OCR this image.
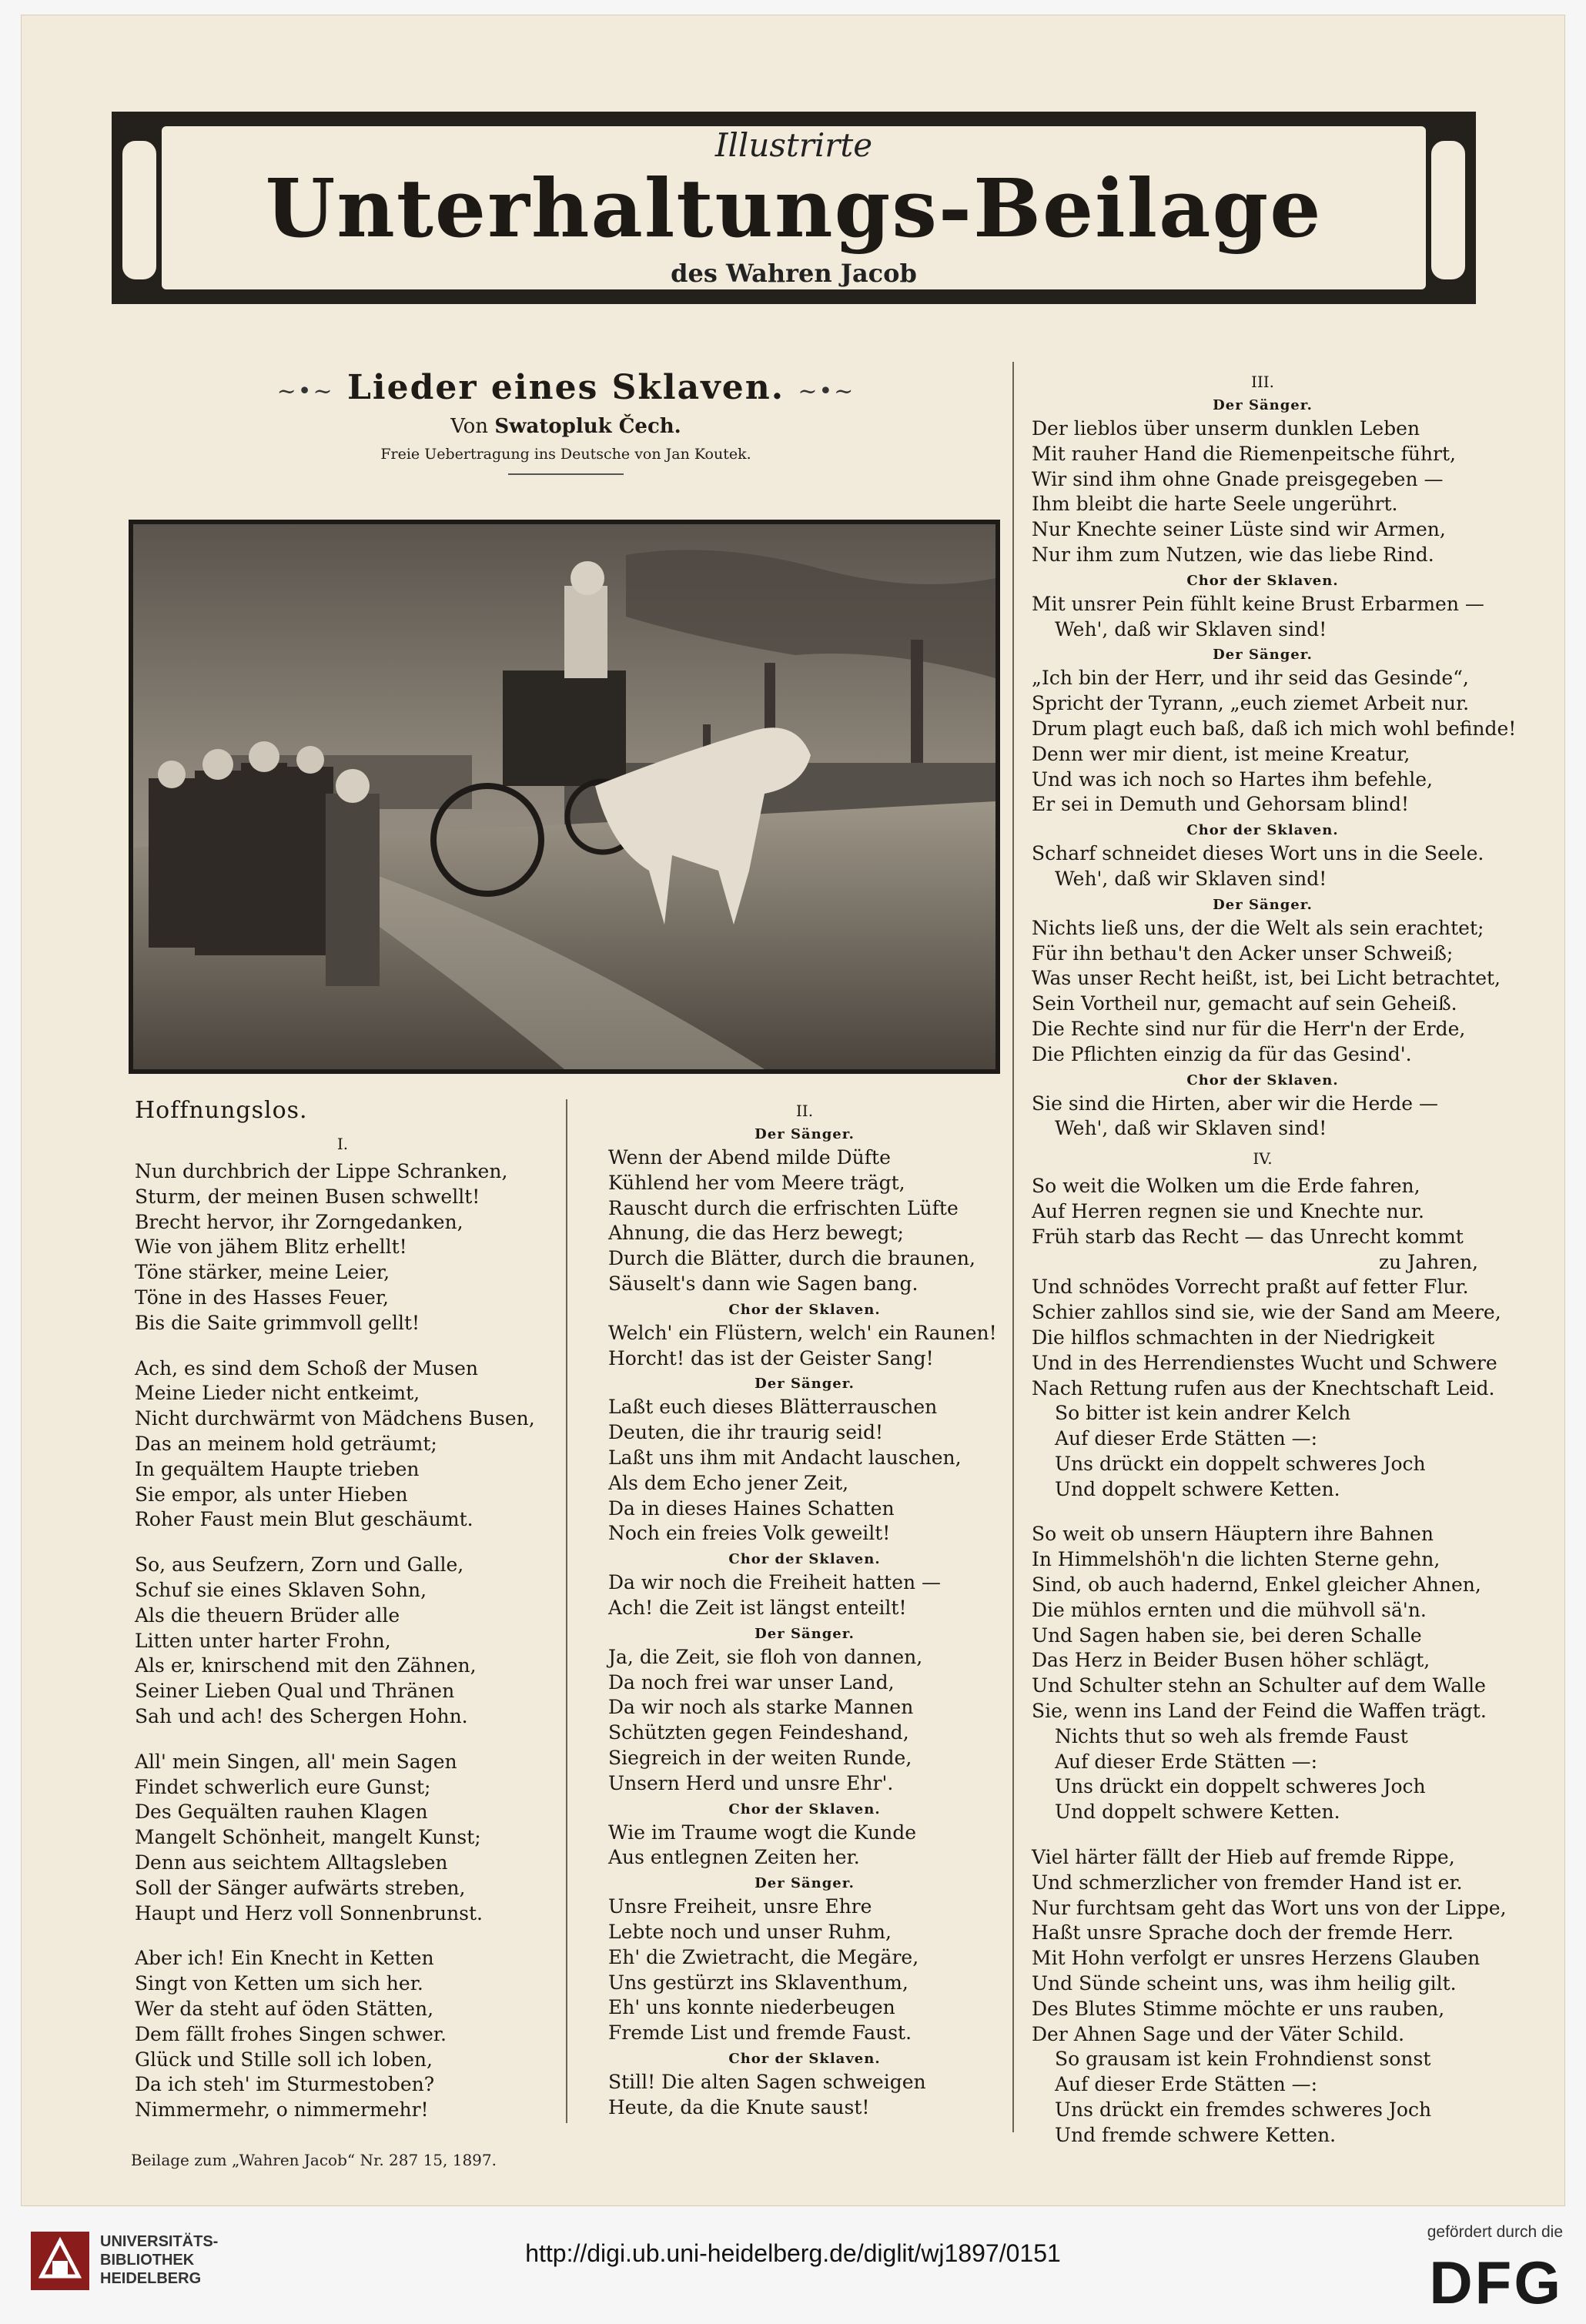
Illustrirte
Unterhaltungs-Beilage
des Wahren Jacob
~•~ Lieder eines Sklaven. ~•~
Von Swatopluk Čech.
Freie Uebertragung ins Deutsche von Jan Koutek.
Hoffnungslos.
I.
Nun durchbrich der Lippe Schranken,
Sturm, der meinen Busen schwellt!
Brecht hervor, ihr Zorngedanken,
Wie von jähem Blitz erhellt!
Töne stärker, meine Leier,
Töne in des Hasses Feuer,
Bis die Saite grimmvoll gellt!
Ach, es sind dem Schoß der Musen
Meine Lieder nicht entkeimt,
Nicht durchwärmt von Mädchens Busen,
Das an meinem hold geträumt;
In gequältem Haupte trieben
Sie empor, als unter Hieben
Roher Faust mein Blut geschäumt.
So, aus Seufzern, Zorn und Galle,
Schuf sie eines Sklaven Sohn,
Als die theuern Brüder alle
Litten unter harter Frohn,
Als er, knirschend mit den Zähnen,
Seiner Lieben Qual und Thränen
Sah und ach! des Schergen Hohn.
All' mein Singen, all' mein Sagen
Findet schwerlich eure Gunst;
Des Gequälten rauhen Klagen
Mangelt Schönheit, mangelt Kunst;
Denn aus seichtem Alltagsleben
Soll der Sänger aufwärts streben,
Haupt und Herz voll Sonnenbrunst.
Aber ich! Ein Knecht in Ketten
Singt von Ketten um sich her.
Wer da steht auf öden Stätten,
Dem fällt frohes Singen schwer.
Glück und Stille soll ich loben,
Da ich steh' im Sturmestoben?
Nimmermehr, o nimmermehr!
II.
Der Sänger.
Wenn der Abend milde Düfte
Kühlend her vom Meere trägt,
Rauscht durch die erfrischten Lüfte
Ahnung, die das Herz bewegt;
Durch die Blätter, durch die braunen,
Säuselt's dann wie Sagen bang.
Chor der Sklaven.
Welch' ein Flüstern, welch' ein Raunen!
Horcht! das ist der Geister Sang!
Der Sänger.
Laßt euch dieses Blätterrauschen
Deuten, die ihr traurig seid!
Laßt uns ihm mit Andacht lauschen,
Als dem Echo jener Zeit,
Da in dieses Haines Schatten
Noch ein freies Volk geweilt!
Chor der Sklaven.
Da wir noch die Freiheit hatten —
Ach! die Zeit ist längst enteilt!
Der Sänger.
Ja, die Zeit, sie floh von dannen,
Da noch frei war unser Land,
Da wir noch als starke Mannen
Schützten gegen Feindeshand,
Siegreich in der weiten Runde,
Unsern Herd und unsre Ehr'.
Chor der Sklaven.
Wie im Traume wogt die Kunde
Aus entlegnen Zeiten her.
Der Sänger.
Unsre Freiheit, unsre Ehre
Lebte noch und unser Ruhm,
Eh' die Zwietracht, die Megäre,
Uns gestürzt ins Sklaventhum,
Eh' uns konnte niederbeugen
Fremde List und fremde Faust.
Chor der Sklaven.
Still! Die alten Sagen schweigen
Heute, da die Knute saust!
III.
Der Sänger.
Der lieblos über unserm dunklen Leben
Mit rauher Hand die Riemenpeitsche führt,
Wir sind ihm ohne Gnade preisgegeben —
Ihm bleibt die harte Seele ungerührt.
Nur Knechte seiner Lüste sind wir Armen,
Nur ihm zum Nutzen, wie das liebe Rind.
Chor der Sklaven.
Mit unsrer Pein fühlt keine Brust Erbarmen —
Weh', daß wir Sklaven sind!
Der Sänger.
„Ich bin der Herr, und ihr seid das Gesinde“,
Spricht der Tyrann, „euch ziemet Arbeit nur.
Drum plagt euch baß, daß ich mich wohl befinde!
Denn wer mir dient, ist meine Kreatur,
Und was ich noch so Hartes ihm befehle,
Er sei in Demuth und Gehorsam blind!
Chor der Sklaven.
Scharf schneidet dieses Wort uns in die Seele.
Weh', daß wir Sklaven sind!
Der Sänger.
Nichts ließ uns, der die Welt als sein erachtet;
Für ihn bethau't den Acker unser Schweiß;
Was unser Recht heißt, ist, bei Licht betrachtet,
Sein Vortheil nur, gemacht auf sein Geheiß.
Die Rechte sind nur für die Herr'n der Erde,
Die Pflichten einzig da für das Gesind'.
Chor der Sklaven.
Sie sind die Hirten, aber wir die Herde —
Weh', daß wir Sklaven sind!
IV.
So weit die Wolken um die Erde fahren,
Auf Herren regnen sie und Knechte nur.
Früh starb das Recht — das Unrecht kommt
zu Jahren,
Und schnödes Vorrecht praßt auf fetter Flur.
Schier zahllos sind sie, wie der Sand am Meere,
Die hilflos schmachten in der Niedrigkeit
Und in des Herrendienstes Wucht und Schwere
Nach Rettung rufen aus der Knechtschaft Leid.
So bitter ist kein andrer Kelch
Auf dieser Erde Stätten —:
Uns drückt ein doppelt schweres Joch
Und doppelt schwere Ketten.
So weit ob unsern Häuptern ihre Bahnen
In Himmelshöh'n die lichten Sterne gehn,
Sind, ob auch hadernd, Enkel gleicher Ahnen,
Die mühlos ernten und die mühvoll sä'n.
Und Sagen haben sie, bei deren Schalle
Das Herz in Beider Busen höher schlägt,
Und Schulter stehn an Schulter auf dem Walle
Sie, wenn ins Land der Feind die Waffen trägt.
Nichts thut so weh als fremde Faust
Auf dieser Erde Stätten —:
Uns drückt ein doppelt schweres Joch
Und doppelt schwere Ketten.
Viel härter fällt der Hieb auf fremde Rippe,
Und schmerzlicher von fremder Hand ist er.
Nur furchtsam geht das Wort uns von der Lippe,
Haßt unsre Sprache doch der fremde Herr.
Mit Hohn verfolgt er unsres Herzens Glauben
Und Sünde scheint uns, was ihm heilig gilt.
Des Blutes Stimme möchte er uns rauben,
Der Ahnen Sage und der Väter Schild.
So grausam ist kein Frohndienst sonst
Auf dieser Erde Stätten —:
Uns drückt ein fremdes schweres Joch
Und fremde schwere Ketten.
Beilage zum „Wahren Jacob“ Nr. 287 15, 1897.
UNIVERSITÄTS-
BIBLIOTHEK
HEIDELBERG
http://digi.ub.uni-heidelberg.de/diglit/wj1897/0151
gefördert durch die
DFG
